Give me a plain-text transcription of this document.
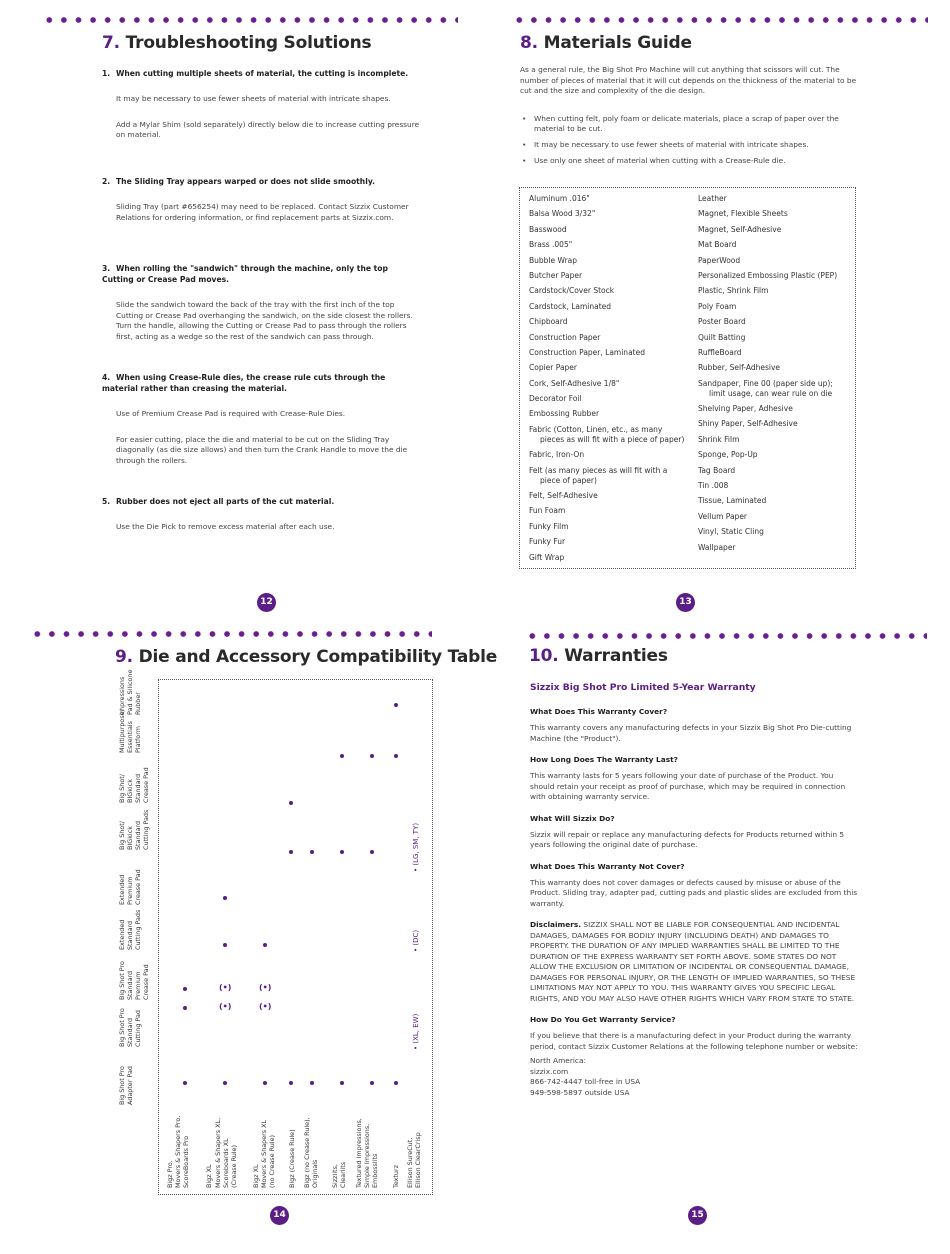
7. Troubleshooting Solutions
1. When cutting multiple sheets of material, the cutting is incomplete.
It may be necessary to use fewer sheets of material with intricate shapes.
Add a Mylar Shim (sold separately) directly below die to increase cutting pressure on material.
2. The Sliding Tray appears warped or does not slide smoothly.
Sliding Tray (part #656254) may need to be replaced. Contact Sizzix Customer Relations for ordering information, or find replacement parts at Sizzix.com.
3. When rolling the "sandwich" through the machine, only the top Cutting or Crease Pad moves.
Slide the sandwich toward the back of the tray with the first inch of the top Cutting or Crease Pad overhanging the sandwich, on the side closest the rollers. Turn the handle, allowing the Cutting or Crease Pad to pass through the rollers first, acting as a wedge so the rest of the sandwich can pass through.
4. When using Crease-Rule dies, the crease rule cuts through the material rather than creasing the material.
Use of Premium Crease Pad is required with Crease-Rule Dies.
For easier cutting, place the die and material to be cut on the Sliding Tray diagonally (as die size allows) and then turn the Crank Handle to move the die through the rollers.
5. Rubber does not eject all parts of the cut material.
Use the Die Pick to remove excess material after each use.
12
8. Materials Guide
As a general rule, the Big Shot Pro Machine will cut anything that scissors will cut. The number of pieces of material that it will cut depends on the thickness of the material to be cut and the size and complexity of the die design.
• When cutting felt, poly foam or delicate materials, place a scrap of paper over the material to be cut.
• It may be necessary to use fewer sheets of material with intricate shapes.
• Use only one sheet of material when cutting with a Crease-Rule die.
Aluminum .016"
Balsa Wood 3/32"
Basswood
Brass .005"
Bubble Wrap
Butcher Paper
Cardstock/Cover Stock
Cardstock, Laminated
Chipboard
Construction Paper
Construction Paper, Laminated
Copier Paper
Cork, Self-Adhesive 1/8"
Decorator Foil
Embossing Rubber
Fabric (Cotton, Linen, etc., as many
pieces as will fit with a piece of paper)
Fabric, Iron-On
Felt (as many pieces as will fit with a
piece of paper)
Felt, Self-Adhesive
Fun Foam
Funky Film
Funky Fur
Gift Wrap
Leather
Magnet, Flexible Sheets
Magnet, Self-Adhesive
Mat Board
PaperWood
Personalized Embossing Plastic (PEP)
Plastic, Shrink Film
Poly Foam
Poster Board
Quilt Batting
RuffleBoard
Rubber, Self-Adhesive
Sandpaper, Fine 00 (paper side up);
limit usage, can wear rule on die
Shelving Paper, Adhesive
Shiny Paper, Self-Adhesive
Shrink Film
Sponge, Pop-Up
Tag Board
Tin .008
Tissue, Laminated
Vellum Paper
Vinyl, Static Cling
Wallpaper
13
9. Die and Accessory Compatibility Table
Big Shot Pro
Adapter Pad
Big Shot Pro
Standard
Cutting Pad
Big Shot Pro
Standard
Premium
Crease Pad
Extended
Standard
Cutting Pads
Extended
Premium
Crease Pad
Big Shot/
BIGkick
Standard
Cutting Pads
Big Shot/
BIGkick
Standard
Crease Pad
Multipurpose/
Essentials
Platform
Impressions
Pad & Silicone
Rubber
Bigz Pro,
Movers & Shapers Pro,
ScoreBoards Pro
Bigz XL Movers & Shapers XL,
Scoreboards XL
(Crease Rule)
Bigz XL
Movers & Shapers XL
(no Crease Rule) Bigz (Crease Rule) Bigz (no Crease Rule),
Originals Sizzlits,
Clearlits Textured Impressions,
Simple Impressions,
Embosslits Texturz Ellison SureCut,
Ellison ClearCrisp
(•)	(•)
(•)	(•)
• (XL, EW)
• (DC)
• (LG, SM, TY)
14
10. Warranties
Sizzix Big Shot Pro Limited 5-Year Warranty
What Does This Warranty Cover?
This warranty covers any manufacturing defects in your Sizzix Big Shot Pro Die-cutting Machine (the "Product").
How Long Does The Warranty Last?
This warranty lasts for 5 years following your date of purchase of the Product. You should retain your receipt as proof of purchase, which may be required in connection with obtaining warranty service.
What Will Sizzix Do?
Sizzix will repair or replace any manufacturing defects for Products returned within 5 years following the original date of purchase.
What Does This Warranty Not Cover?
This warranty does not cover damages or defects caused by misuse or abuse of the Product. Sliding tray, adapter pad, cutting pads and plastic slides are excluded from this warranty.
Disclaimers. SIZZIX SHALL NOT BE LIABLE FOR CONSEQUENTIAL AND INCIDENTAL DAMAGES, DAMAGES FOR BODILY INJURY (INCLUDING DEATH) AND DAMAGES TO PROPERTY. THE DURATION OF ANY IMPLIED WARRANTIES SHALL BE LIMITED TO THE DURATION OF THE EXPRESS WARRANTY SET FORTH ABOVE. SOME STATES DO NOT ALLOW THE EXCLUSION OR LIMITATION OF INCIDENTAL OR CONSEQUENTIAL DAMAGE, DAMAGES FOR PERSONAL INJURY, OR THE LENGTH OF IMPLIED WARRANTIES, SO THESE LIMITATIONS MAY NOT APPLY TO YOU. THIS WARRANTY GIVES YOU SPECIFIC LEGAL RIGHTS, AND YOU MAY ALSO HAVE OTHER RIGHTS WHICH VARY FROM STATE TO STATE.
How Do You Get Warranty Service?
If you believe that there is a manufacturing defect in your Product during the warranty period, contact Sizzix Customer Relations at the following telephone number or website:
North America:
sizzix.com
866-742-4447 toll-free in USA
949-598-5897 outside USA
15
